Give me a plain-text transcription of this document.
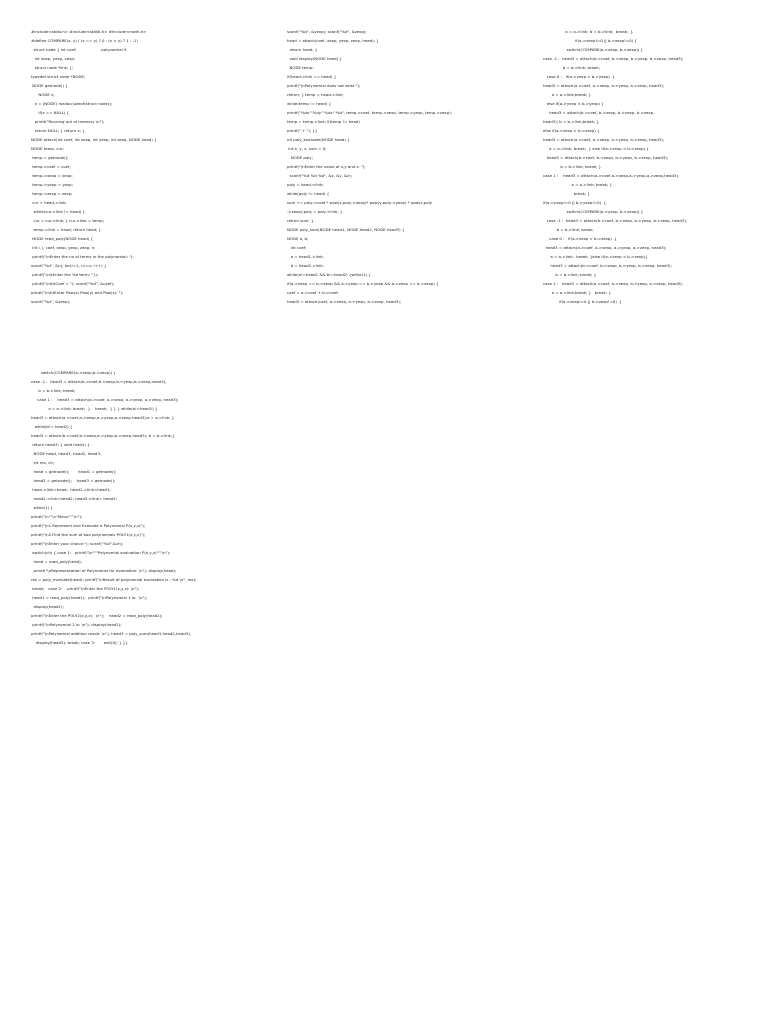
#include<stdio.h> #include<stdlib.h> #include<math.h>
#define COMPARE(x, y) ( (x == y) ? 0 : (x > y) ? 1 : -1)
struct node { int coef;                    polynomial 9
int xexp, yexp, zexp;
struct node *link; };
typedef struct node *NODE;
NODE getnode() {
NODE x;
x = (NODE) malloc(sizeof(struct node));
if(x == NULL) {
printf("Running out of memory \n");
return NULL; } return x; }
NODE attach(int coef, int xexp, int yexp, int zexp, NODE head) {
NODE temp, cur;
temp = getnode();
temp->coef = coef;
temp->xexp = xexp;
temp->yexp = yexp;
temp->zexp = zexp;
cur = head->link;
while(cur->link != head) {
cur = cur->link; } cur->link = temp;
temp->link = head; return head; }
NODE read_poly(NODE head) {
int i, j, coef, xexp, yexp, zexp, n;
printf("\nEnter the no of terms in the polynomial: ");
scanf("%d", &n); for(i=1; i<=n; i++) {
printf("\n\tEnter the %d term: ",i);
printf("\n\t\tCoef = "); scanf("%d", &coef);
printf("\n\t\tEnter Pow(x) Pow(y) and Pow(z): ");
scanf("%d", &xexp);
scanf("%d", &yexp); scanf("%d", &zexp);
head = attach(coef, xexp, yexp, zexp, head); }
return head; }
void display(NODE head) {
NODE temp;
if(head->link == head) {
printf("\nPolynomial does not exist.");
return; } temp = head->link;
while(temp != head) {
printf("%dx^%dy^%dz^%d", temp->coef, temp->xexp, temp->yexp, temp->zexp);
temp = temp->link; if(temp != head)
printf(" + "); }}
int poly_evaluate(NODE head) {
int x, y, z, sum = 0;
NODE poly;
printf("\nEnter the value of x,y and z: ");
scanf("%d %d %d", &x, &y, &z);
poly = head->link;
while(poly != head) {
sum += poly->coef * pow(x,poly->xexp)* pow(y,poly->yexp) * pow(z,poly
->zexp);poly = poly->link; }
return sum; }
NODE poly_sum(NODE head1, NODE head2, NODE head3) {
NODE a, b;
int coef;
a = head1->link;
b = head2->link;
while(a!=head1 && b!=head2) {while(1) {
if(a->xexp == b->xexp && a->yexp == b->yexp && a->zexp == b->zexp) {
coef = a->coef + b->coef;
head3 = attach(coef, a->xexp, a->yexp, a->zexp, head3);
a = a->link; b = b->link;  break;  }
if(a->xexp!=0 || b->xexp!=0) {
switch(COMPARE(a->xexp, b->xexp)) {
case -1 :  head3 = attach(b->coef, b->xexp, b->yexp, b->zexp, head3);
b = b->link; break;
case 0 :   if(a->yexp > b->yexp)  {
head3 = attach(a->coef, a->xexp, a->yexp, a->zexp, head3);
a = a->link;break; }
else if(a->yexp < b->yexp) {
head3 = attach(b->coef, b->xexp, b->yexp, b->zexp,
head3); b = b->link;break; }
else if(a->zexp > b->zexp) {
head3 = attach(a->coef, a->xexp, a->yexp, a->zexp, head3);
a = a->link; break;  } else if(a->zexp < b->zexp) {
head3 = attach(b->coef, b->xexp, b->yexp, b->zexp, head3);
b = b->link; break; }
case 1 :    head3 = attach(a->coef,a->xexp,a->yexp,a->zexp,head3);
a = a->link; break; }
break; }
if(a->yexp!=0 || b->yexp!=0)  {
switch(COMPARE(a->yexp, b->yexp)) {
case -1 :  head3 = attach(b->coef, b->xexp, b->yexp, b->zexp, head3);
b = b->link; break;
case 0 :   if(a->zexp > b->zexp)  {
head3 = attach(a->coef, a->xexp, a->yexp, a->zexp, head3);
a = a->link;  break; }else if(a->zexp < b->zexp){
head3 = attach(b->coef, b->xexp, b->yexp, b->zexp, head3);
b = b->link; break; }
case 1 :   head3 = attach(a->coef, a->xexp, a->yexp, a->zexp, head3);
a = a->link;break; }   break; }
if(a->zexp!=0 || b->zexp!=0)  {
switch(COMPARE(a->zexp,b->zexp)) {
case -1 :  head3 = attach(b->coef,b->xexp,b->yexp,b->zexp,head3);
b = b->link; break;
case 1 :    head3 = attach(a->coef, a->xexp, a->yexp, a->zexp, head3);
a = a->link; break;  }    break;  } } } while(a!=head1) {
head3 = attach(a->coef,a->xexp,a->yexp,a->zexp,head3);a = a->link; }
while(b!= head2) {
head3 = attach(b->coef,b->xexp,b->yexp,b->zexp,head3); b = b->link;}
return head3; } void main() {
NODE head, head1, head2, head3;
int res, ch;
head = getnode();       head1 = getnode();
head2 = getnode();    head3 = getnode();
head->link=head;  head1->link=head1;
head2->link=head2; head3->link= head3;
while(1) {
printf("\n""\n"Menu"""\n");
printf("\n1.Represent and Evaluate a Polynomial P(x,y,z)");
printf("\n2.Find the sum of two polynomials POLY1(x,y,z)");
printf("\nEnter your choice:"); scanf("%d",&ch);
switch(ch) { case 1:   printf("\n"""Polynomial evaluation P(x,y,z)"""\n");
head = read_poly(head);
printf("\nRepresentation of Polynomial for evaluation: \n"); display(head);
res = poly_evaluate(head); printf("\nResult of polynomial evaluation is : %d \n", res);
break;   case 2:    printf("\nEnter the POLY1(x,y,z): \n");
head1 = read_poly(head1);  printf("\nPolynomial 1 is:  \n");
display(head1);
printf("\nEnter the POLY2(x,y,z):  \n");    head2 = read_poly(head2);
printf("\nPolynomial 2 is: \n"); display(head2);
printf("\nPolynomial addition result: \n"); head3 = poly_sum(head1,head2,head3);
display(head3); break; case 3:       exit(0); } }}
